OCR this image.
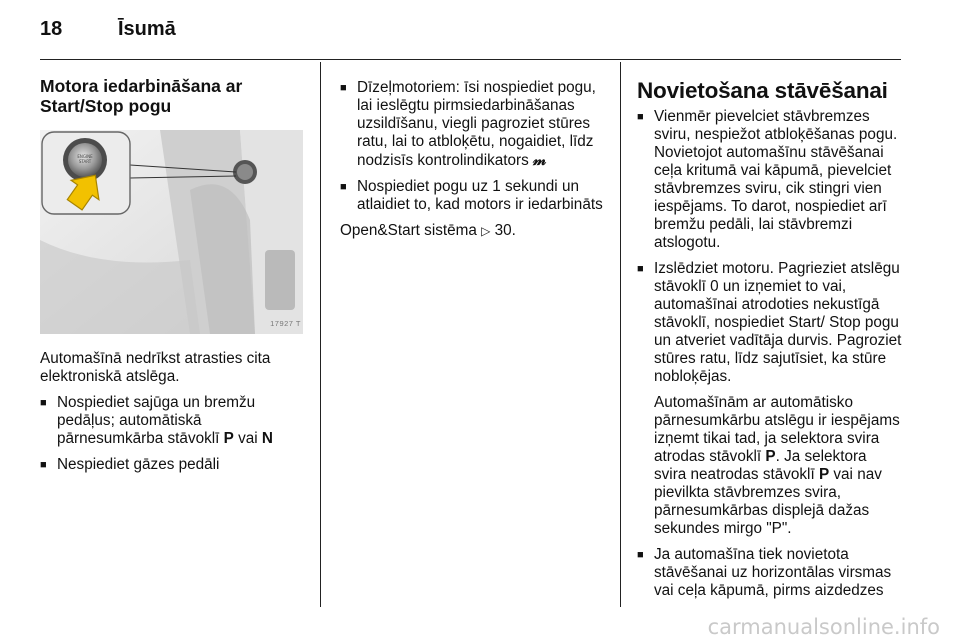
18	Īsumā
Motora iedarbināšana ar
Start/Stop pogu
ENGINE
START
17927 T

Automašīnā nedrīkst atrasties cita elektroniskā atslēga.

■ Nospiediet sajūga un bremžu pedāļus; automātiskā pārnesumkārba stāvoklī P vai N
■ Nespiediet gāzes pedāli
■ Dīzeļmotoriem: īsi nospiediet pogu, lai ieslēgtu pirmsiedarbināšanas uzsildīšanu, viegli pagroziet stūres ratu, lai to atbloķētu, nogaidiet, līdz nodzisīs kontrolindikators 𝓂
■ Nospiediet pogu uz 1 sekundi un atlaidiet to, kad motors ir iedarbināts

Open&Start sistēma ▷ 30.

Novietošana stāvēšanai
■ Vienmēr pievelciet stāvbremzes sviru, nespiežot atbloķēšanas pogu. Novietojot automašīnu stāvēšanai ceļa kritumā vai kāpumā, pievelciet stāvbremzes sviru, cik stingri vien iespējams. To darot, nospiediet arī bremžu pedāli, lai stāvbremzi atslogotu.
■ Izslēdziet motoru. Pagrieziet atslēgu stāvoklī 0 un izņemiet to vai, automašīnai atrodoties nekustīgā stāvoklī, nospiediet Start/ Stop pogu un atveriet vadītāja durvis. Pagroziet stūres ratu, līdz sajutīsiet, ka stūre nobloķējas.
Automašīnām ar automātisko pārnesumkārbu atslēgu ir iespējams izņemt tikai tad, ja selektora svira atrodas stāvoklī P. Ja selektora svira neatrodas stāvoklī P vai nav pievilkta stāvbremzes svira, pārnesumkārbas displejā dažas sekundes mirgo "P".
■ Ja automašīna tiek novietota stāvēšanai uz horizontālas virsmas vai ceļa kāpumā, pirms aizdedzes
carmanualsonline.info
